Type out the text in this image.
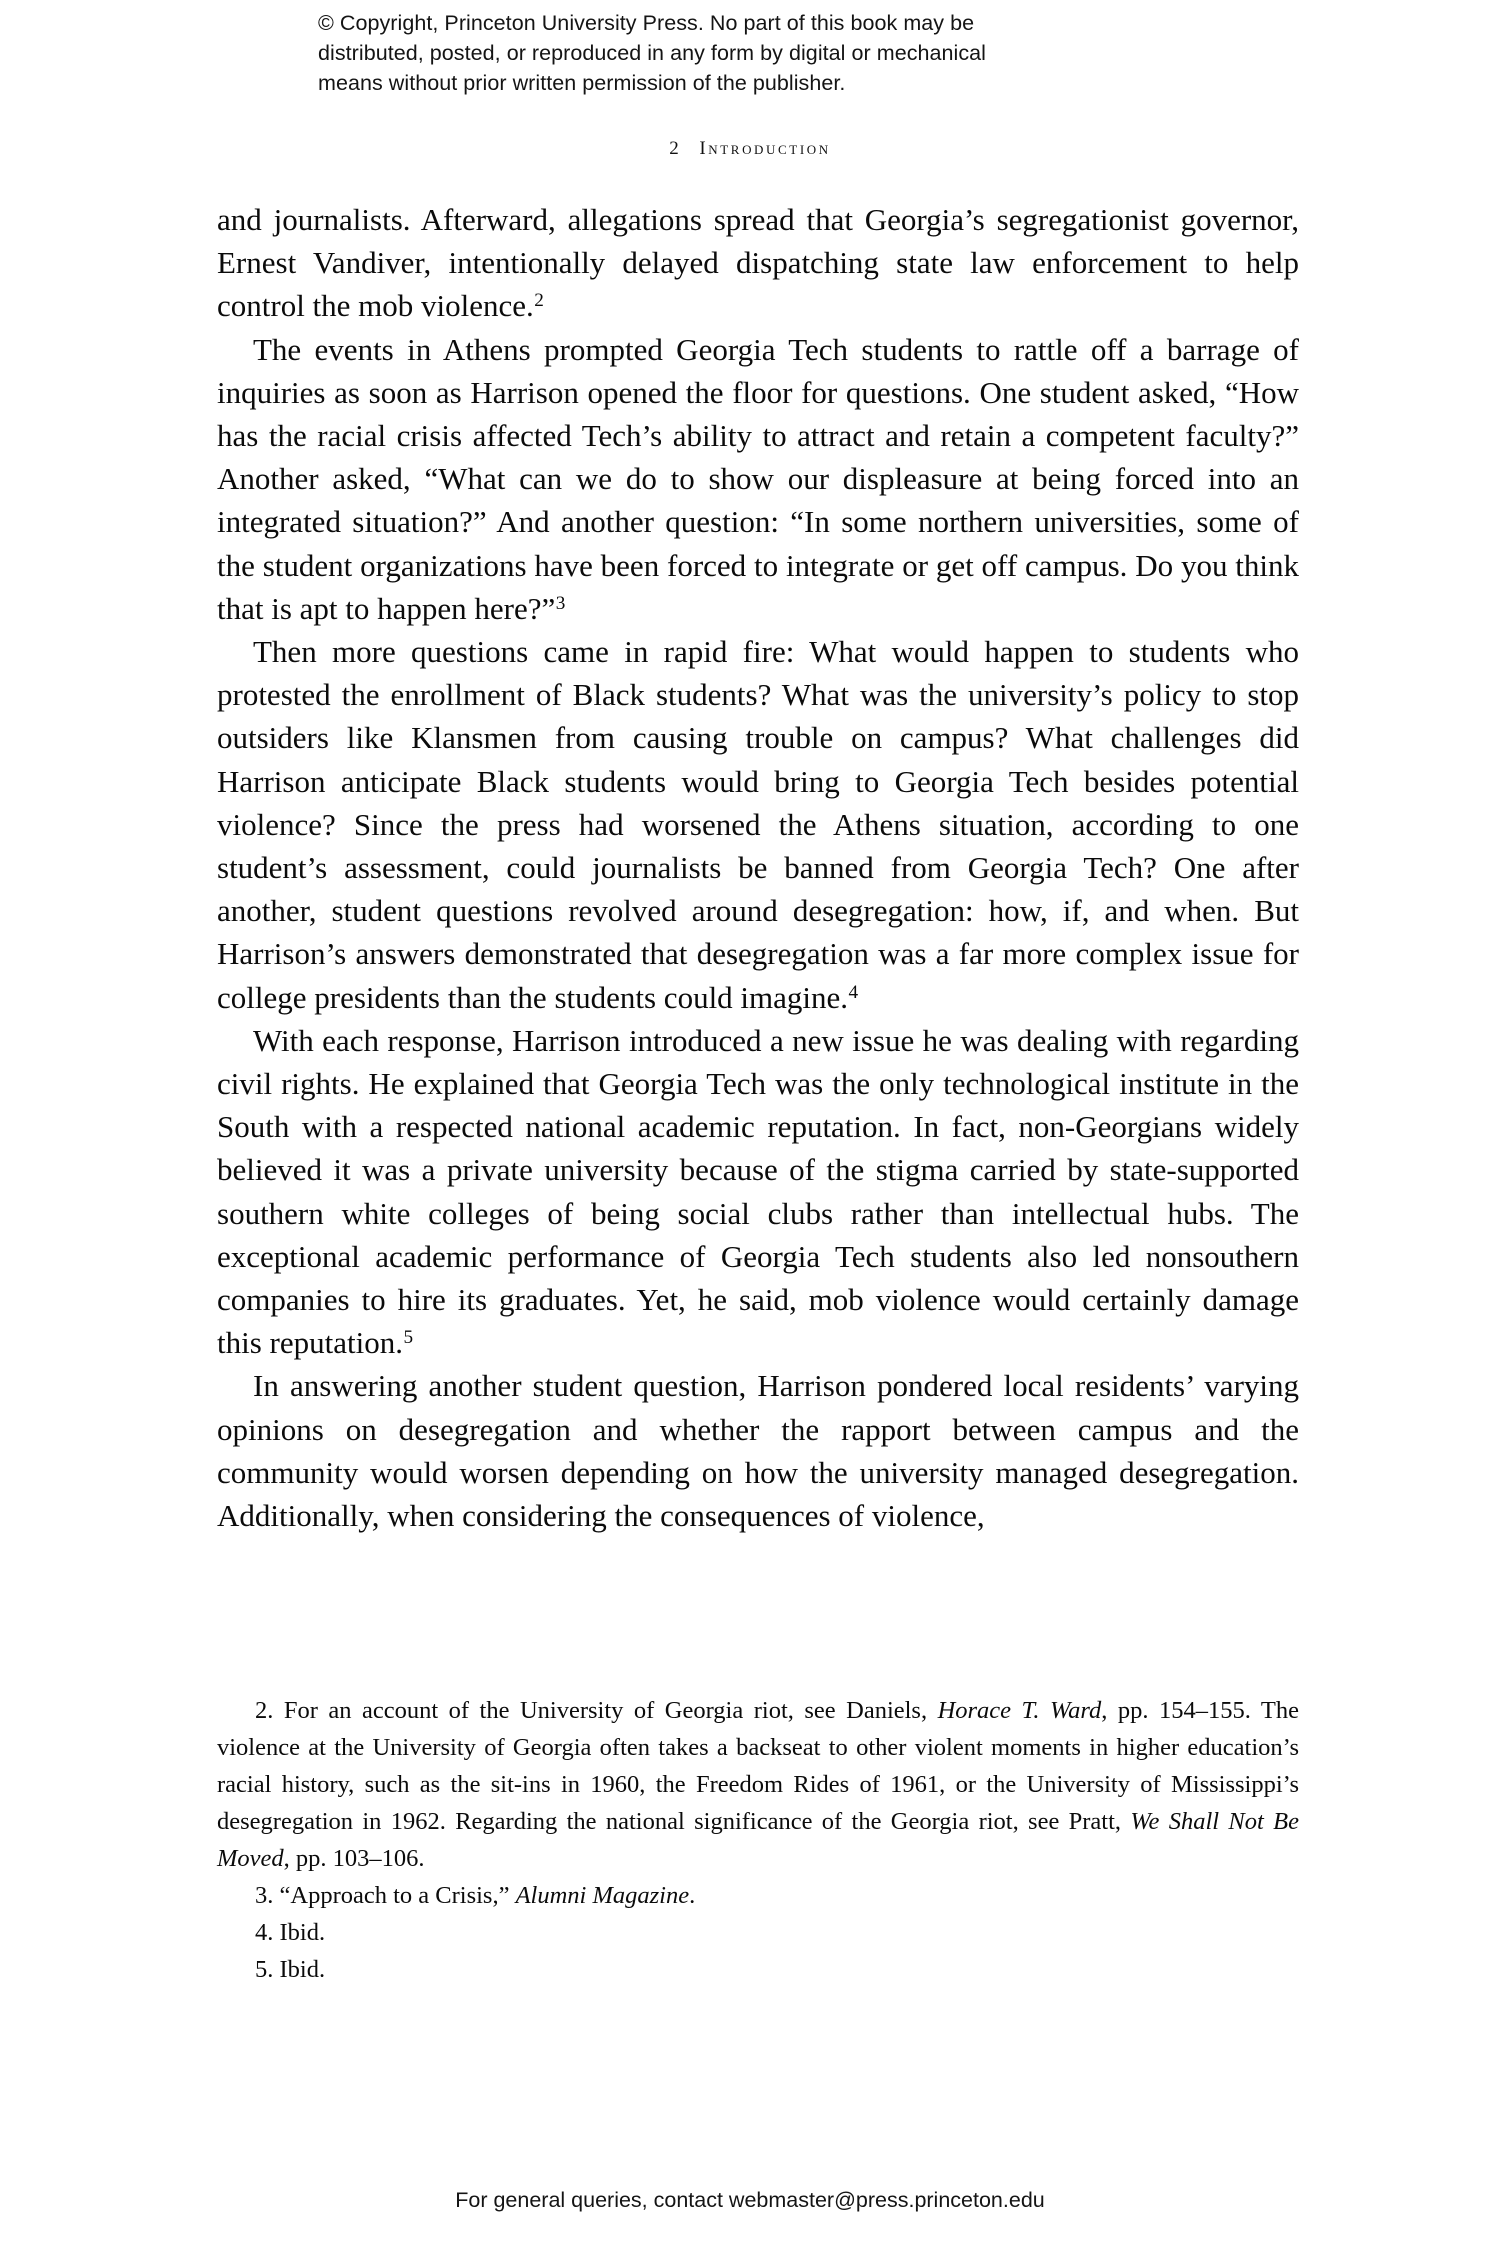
© Copyright, Princeton University Press. No part of this book may be
distributed, posted, or reproduced in any form by digital or mechanical
means without prior written permission of the publisher.
2 Introduction

and journalists. Afterward, allegations spread that Georgia’s segregationist governor, Ernest Vandiver, intentionally delayed dispatching state law enforcement to help control the mob violence.$^2$

The events in Athens prompted Georgia Tech students to rattle off a barrage of inquiries as soon as Harrison opened the floor for questions. One student asked, “How has the racial crisis affected Tech’s ability to attract and retain a competent faculty?” Another asked, “What can we do to show our displeasure at being forced into an integrated situation?” And another question: “In some northern universities, some of the student organizations have been forced to integrate or get off campus. Do you think that is apt to happen here?”$^3$

Then more questions came in rapid fire: What would happen to students who protested the enrollment of Black students? What was the university’s policy to stop outsiders like Klansmen from causing trouble on campus? What challenges did Harrison anticipate Black students would bring to Georgia Tech besides potential violence? Since the press had worsened the Athens situation, according to one student’s assessment, could journalists be banned from Georgia Tech? One after another, student questions revolved around desegregation: how, if, and when. But Harrison’s answers demonstrated that desegregation was a far more complex issue for college presidents than the students could imagine.$^4$

With each response, Harrison introduced a new issue he was dealing with regarding civil rights. He explained that Georgia Tech was the only technological institute in the South with a respected national academic reputation. In fact, non-Georgians widely believed it was a private university because of the stigma carried by state-supported southern white colleges of being social clubs rather than intellectual hubs. The exceptional academic performance of Georgia Tech students also led nonsouthern companies to hire its graduates. Yet, he said, mob violence would certainly damage this reputation.$^5$

In answering another student question, Harrison pondered local residents’ varying opinions on desegregation and whether the rapport between campus and the community would worsen depending on how the university managed desegregation. Additionally, when considering the consequences of violence,

2. For an account of the University of Georgia riot, see Daniels, Horace T. Ward, pp. 154–155. The violence at the University of Georgia often takes a backseat to other violent moments in higher education’s racial history, such as the sit-ins in 1960, the Freedom Rides of 1961, or the University of Mississippi’s desegregation in 1962. Regarding the national significance of the Georgia riot, see Pratt, We Shall Not Be Moved, pp. 103–106.

3. “Approach to a Crisis,” Alumni Magazine.

4. Ibid.

5. Ibid.

For general queries, contact webmaster@press.princeton.edu
